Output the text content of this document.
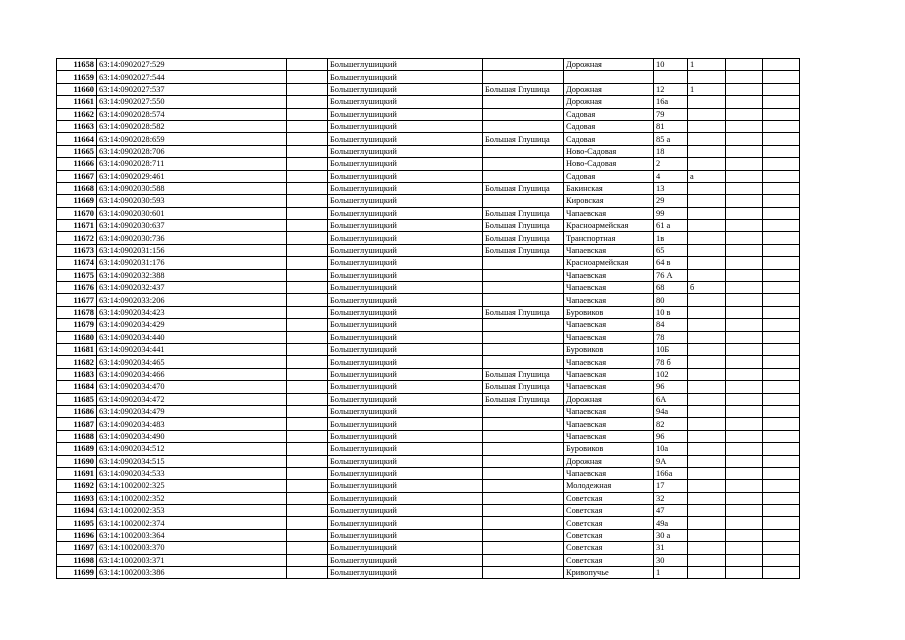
11658	63:14:0902027:529		Большеглушицкий		Дорожная	10	1		
11659	63:14:0902027:544		Большеглушицкий						
11660	63:14:0902027:537		Большеглушицкий	Большая Глушица	Дорожная	12	1		
11661	63:14:0902027:550		Большеглушицкий		Дорожная	16а			
11662	63:14:0902028:574		Большеглушицкий		Садовая	79			
11663	63:14:0902028:582		Большеглушицкий		Садовая	81			
11664	63:14:0902028:659		Большеглушицкий	Большая Глушица	Садовая	85 а			
11665	63:14:0902028:706		Большеглушицкий		Ново-Садовая	18			
11666	63:14:0902028:711		Большеглушицкий		Ново-Садовая	2			
11667	63:14:0902029:461		Большеглушицкий		Садовая	4	а		
11668	63:14:0902030:588		Большеглушицкий	Большая Глушица	Бакинская	13			
11669	63:14:0902030:593		Большеглушицкий		Кировская	29			
11670	63:14:0902030:601		Большеглушицкий	Большая Глушица	Чапаевская	99			
11671	63:14:0902030:637		Большеглушицкий	Большая Глушица	Красноармейская	61 а			
11672	63:14:0902030:736		Большеглушицкий	Большая Глушица	Транспортная	1в			
11673	63:14:0902031:156		Большеглушицкий	Большая Глушица	Чапаевская	65			
11674	63:14:0902031:176		Большеглушицкий		Красноармейская	64 в			
11675	63:14:0902032:388		Большеглушицкий		Чапаевская	76 А			
11676	63:14:0902032:437		Большеглушицкий		Чапаевская	68	б		
11677	63:14:0902033:206		Большеглушицкий		Чапаевская	80			
11678	63:14:0902034:423		Большеглушицкий	Большая Глушица	Буровиков	10 в			
11679	63:14:0902034:429		Большеглушицкий		Чапаевская	84			
11680	63:14:0902034:440		Большеглушицкий		Чапаевская	78			
11681	63:14:0902034:441		Большеглушицкий		Буровиков	10Б			
11682	63:14:0902034:465		Большеглушицкий		Чапаевская	78 б			
11683	63:14:0902034:466		Большеглушицкий	Большая Глушица	Чапаевская	102			
11684	63:14:0902034:470		Большеглушицкий	Большая Глушица	Чапаевская	96			
11685	63:14:0902034:472		Большеглушицкий	Большая Глушица	Дорожная	6А			
11686	63:14:0902034:479		Большеглушицкий		Чапаевская	94а			
11687	63:14:0902034:483		Большеглушицкий		Чапаевская	82			
11688	63:14:0902034:490		Большеглушицкий		Чапаевская	96			
11689	63:14:0902034:512		Большеглушицкий		Буровиков	10а			
11690	63:14:0902034:515		Большеглушицкий		Дорожная	9А			
11691	63:14:0902034:533		Большеглушицкий		Чапаевская	166а			
11692	63:14:1002002:325		Большеглушицкий		Молодежная	17			
11693	63:14:1002002:352		Большеглушицкий		Советская	32			
11694	63:14:1002002:353		Большеглушицкий		Советская	47			
11695	63:14:1002002:374		Большеглушицкий		Советская	49а			
11696	63:14:1002003:364		Большеглушицкий		Советская	30 а			
11697	63:14:1002003:370		Большеглушицкий		Советская	31			
11698	63:14:1002003:371		Большеглушицкий		Советская	30			
11699	63:14:1002003:386		Большеглушицкий		Кривопучье	1			
